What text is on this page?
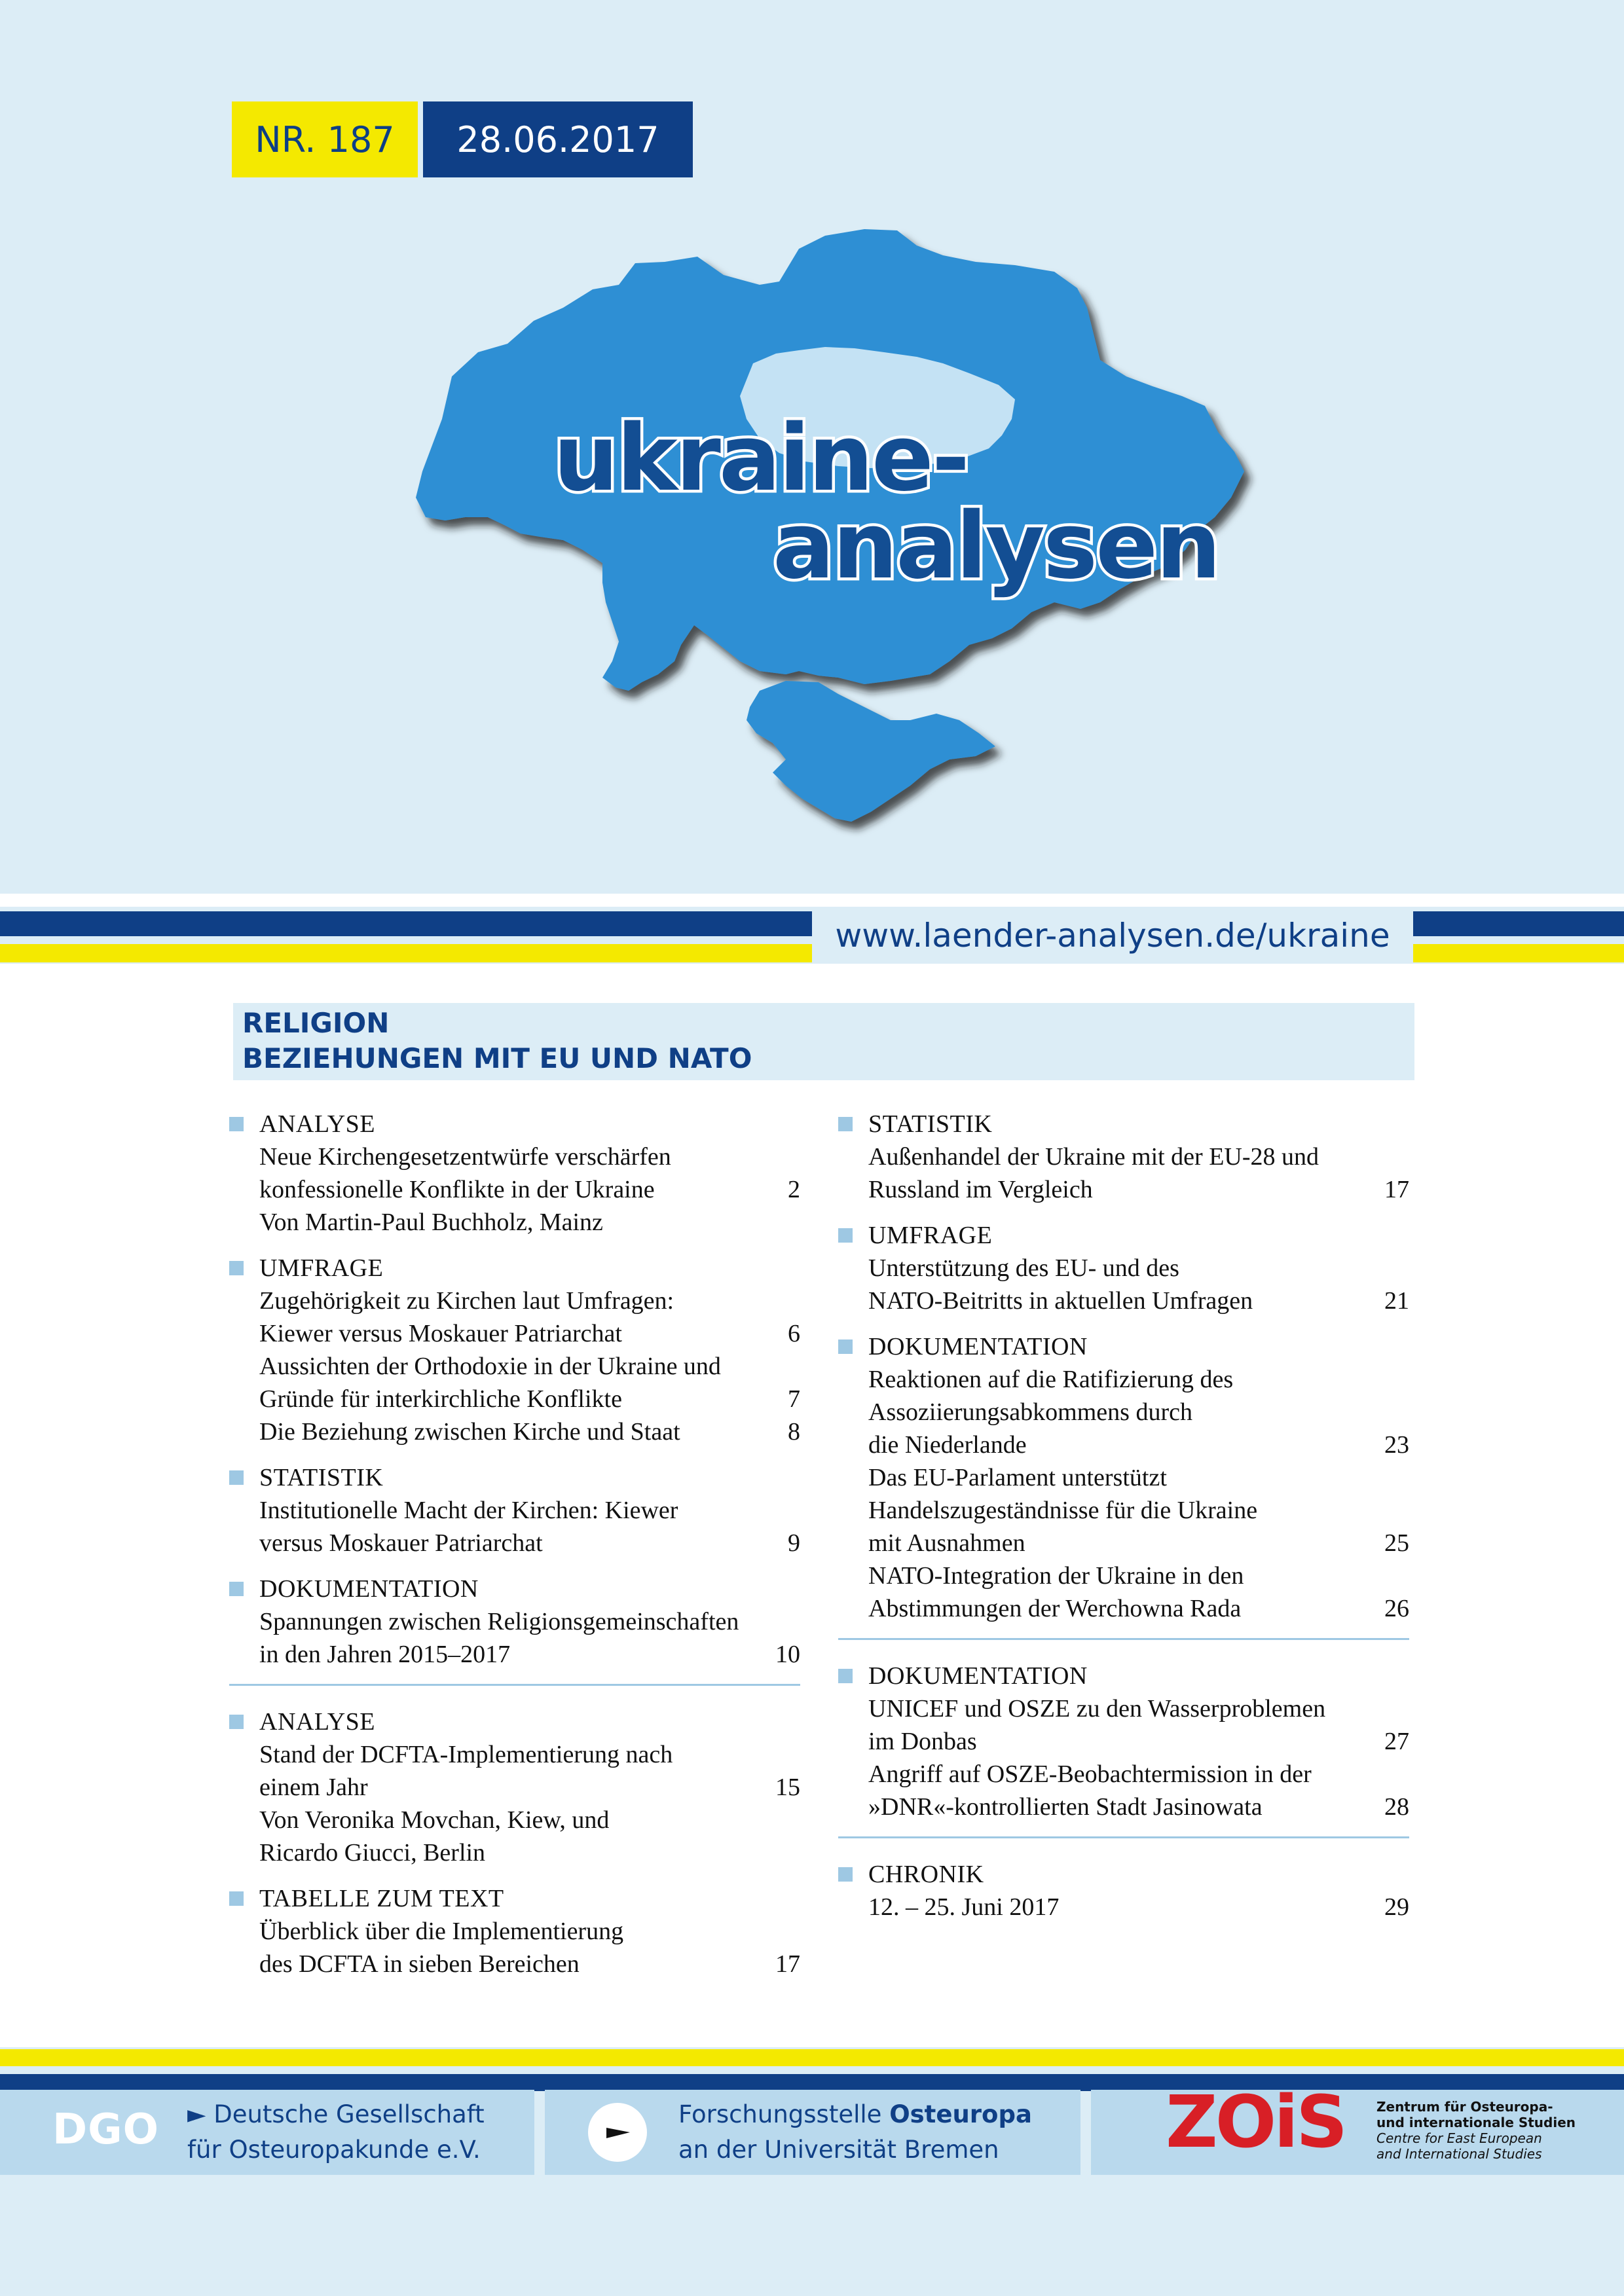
NR. 187	28.06.2017
ukraine-
analysen
www.laender-analysen.de/ukraine
RELIGION
BEZIEHUNGEN MIT EU UND NATO
ANALYSE
Neue Kirchengesetzentwürfe verschärfen
konfessionelle Konflikte in der Ukraine	2
Von Martin-Paul Buchholz, Mainz
UMFRAGE
Zugehörigkeit zu Kirchen laut Umfragen:
Kiewer versus Moskauer Patriarchat	6
Aussichten der Orthodoxie in der Ukraine und
Gründe für interkirchliche Konflikte	7
Die Beziehung zwischen Kirche und Staat	8
STATISTIK
Institutionelle Macht der Kirchen: Kiewer
versus Moskauer Patriarchat	9
DOKUMENTATION
Spannungen zwischen Religionsgemeinschaften
in den Jahren 2015–2017	10
ANALYSE
Stand der DCFTA-Implementierung nach
einem Jahr	15
Von Veronika Movchan, Kiew, und
Ricardo Giucci, Berlin
TABELLE ZUM TEXT
Überblick über die Implementierung
des DCFTA in sieben Bereichen	17
STATISTIK
Außenhandel der Ukraine mit der EU-28 und
Russland im Vergleich	17
UMFRAGE
Unterstützung des EU- und des
NATO-Beitritts in aktuellen Umfragen	21
DOKUMENTATION
Reaktionen auf die Ratifizierung des
Assoziierungsabkommens durch
die Niederlande	23
Das EU-Parlament unterstützt
Handelszugeständnisse für die Ukraine
mit Ausnahmen	25
NATO-Integration der Ukraine in den
Abstimmungen der Werchowna Rada	26
DOKUMENTATION
UNICEF und OSZE zu den Wasserproblemen
im Donbas	27
Angriff auf OSZE-Beobachtermission in der
»DNR«-kontrollierten Stadt Jasinowata	28
CHRONIK
12. – 25. Juni 2017	29
DGO ► Deutsche Gesellschaft
für Osteuropakunde e.V.
Forschungsstelle Osteuropa
an der Universität Bremen ZOiS Zentrum für Osteuropa-
und internationale Studien
Centre for East European
and International Studies
